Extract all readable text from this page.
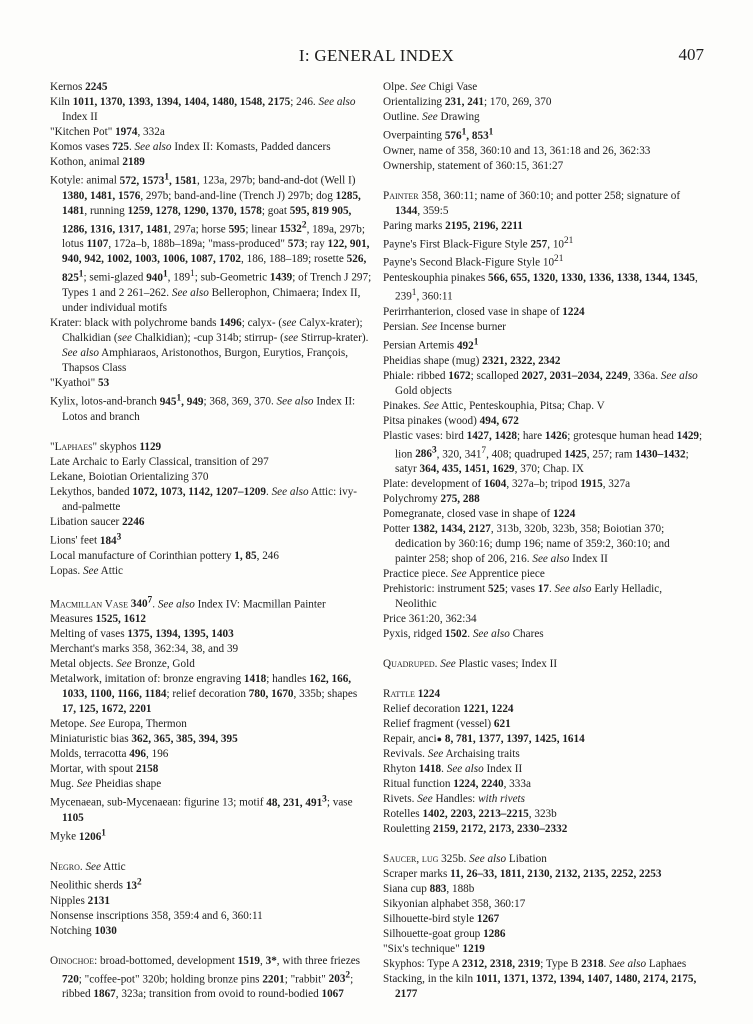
I: GENERAL INDEX	407
Kernos 2245
Kiln 1011, 1370, 1393, 1394, 1404, 1480, 1548, 2175; 246. See also Index II
"Kitchen Pot" 1974, 332a
Komos vases 725. See also Index II: Komasts, Padded dancers
Kothon, animal 2189
Kotyle: animal 572, 1573$^1$, 1581, 123a, 297b; band-and-dot (Well I) 1380, 1481, 1576, 297b; band-and-line (Trench J) 297b; dog 1285, 1481, running 1259, 1278, 1290, 1370, 1578; goat 595, 819 905, 1286, 1316, 1317, 1481, 297a; horse 595; linear 1532$^2$, 189a, 297b; lotus 1107, 172a–b, 188b–189a; "mass-produced" 573; ray 122, 901, 940, 942, 1002, 1003, 1006, 1087, 1702, 186, 188–189; rosette 526, $825^1$; semi-glazed $940^1$, $189^1$; sub-Geometric 1439; of Trench J 297; Types 1 and 2 261–262. See also Bellerophon, Chimaera; Index II, under individual motifs
Krater: black with polychrome bands 1496; calyx- (see Calyx-krater); Chalkidian (see Chalkidian); -cup 314b; stirrup- (see Stirrup-krater). See also Amphiaraos, Aristonothos, Burgon, Eurytios, François, Thapsos Class
"Kyathoi" 53
Kylix, lotos-and-branch $945^1$, 949; 368, 369, 370. See also Index II: Lotos and branch
"Laphaes" skyphos 1129
Late Archaic to Early Classical, transition of 297
Lekane, Boiotian Orientalizing 370
Lekythos, banded 1072, 1073, 1142, 1207–1209. See also Attic: ivy-and-palmette
Libation saucer 2246
Lions' feet $184^3$
Local manufacture of Corinthian pottery 1, 85, 246
Lopas. See Attic
Macmillan Vase $340^7$. See also Index IV: Macmillan Painter
Measures 1525, 1612
Melting of vases 1375, 1394, 1395, 1403
Merchant's marks 358, 362:34, 38, and 39
Metal objects. See Bronze, Gold
Metalwork, imitation of: bronze engraving 1418; handles 162, 166, 1033, 1100, 1166, 1184; relief decoration 780, 1670, 335b; shapes 17, 125, 1672, 2201
Metope. See Europa, Thermon
Miniaturistic bias 362, 365, 385, 394, 395
Molds, terracotta 496, 196
Mortar, with spout 2158
Mug. See Pheidias shape
Mycenaean, sub-Mycenaean: figurine 13; motif 48, 231, $491^3$; vase 1105
Myke 1206$^1$
Negro. See Attic
Neolithic sherds $13^2$
Nipples 2131
Nonsense inscriptions 358, 359:4 and 6, 360:11
Notching 1030
Oinochoe: broad-bottomed, development 1519, 3*, with three friezes 720; "coffee-pot" 320b; holding bronze pins 2201; "rabbit" $203^2$; ribbed 1867, 323a; transition from ovoid to round-bodied 1067
Olpe. See Chigi Vase
Orientalizing 231, 241; 170, 269, 370
Outline. See Drawing
Overpainting $576^1$, $853^1$
Owner, name of 358, 360:10 and 13, 361:18 and 26, 362:33
Ownership, statement of 360:15, 361:27
Painter 358, 360:11; name of 360:10; and potter 258; signature of 1344, 359:5
Paring marks 2195, 2196, 2211
Payne's First Black-Figure Style 257, $10^{21}$
Payne's Second Black-Figure Style $10^{21}$
Penteskouphia pinakes 566, 655, 1320, 1330, 1336, 1338, 1344, 1345, $239^1$, 360:11
Perirrhanterion, closed vase in shape of 1224
Persian. See Incense burner
Persian Artemis $492^1$
Pheidias shape (mug) 2321, 2322, 2342
Phiale: ribbed 1672; scalloped 2027, 2031–2034, 2249, 336a. See also Gold objects
Pinakes. See Attic, Penteskouphia, Pitsa; Chap. V
Pitsa pinakes (wood) 494, 672
Plastic vases: bird 1427, 1428; hare 1426; grotesque human head 1429; lion $286^3$, 320, $341^7$, 408; quadruped 1425, 257; ram 1430–1432; satyr 364, 435, 1451, 1629, 370; Chap. IX
Plate: development of 1604, 327a–b; tripod 1915, 327a
Polychromy 275, 288
Pomegranate, closed vase in shape of 1224
Potter 1382, 1434, 2127, 313b, 320b, 323b, 358; Boiotian 370; dedication by 360:16; dump 196; name of 359:2, 360:10; and painter 258; shop of 206, 216. See also Index II
Practice piece. See Apprentice piece
Prehistoric: instrument 525; vases 17. See also Early Helladic, Neolithic
Price 361:20, 362:34
Pyxis, ridged 1502. See also Chares
Quadruped. See Plastic vases; Index II
Rattle 1224
Relief decoration 1221, 1224
Relief fragment (vessel) 621
Repair, anci● 8, 781, 1377, 1397, 1425, 1614
Revivals. See Archaising traits
Rhyton 1418. See also Index II
Ritual function 1224, 2240, 333a
Rivets. See Handles: with rivets
Rotelles 1402, 2203, 2213–2215, 323b
Rouletting 2159, 2172, 2173, 2330–2332
Saucer, lug 325b. See also Libation
Scraper marks 11, 26–33, 1811, 2130, 2132, 2135, 2252, 2253
Siana cup 883, 188b
Sikyonian alphabet 358, 360:17
Silhouette-bird style 1267
Silhouette-goat group 1286
"Six's technique" 1219
Skyphos: Type A 2312, 2318, 2319; Type B 2318. See also Laphaes
Stacking, in the kiln 1011, 1371, 1372, 1394, 1407, 1480, 2174, 2175, 2177
